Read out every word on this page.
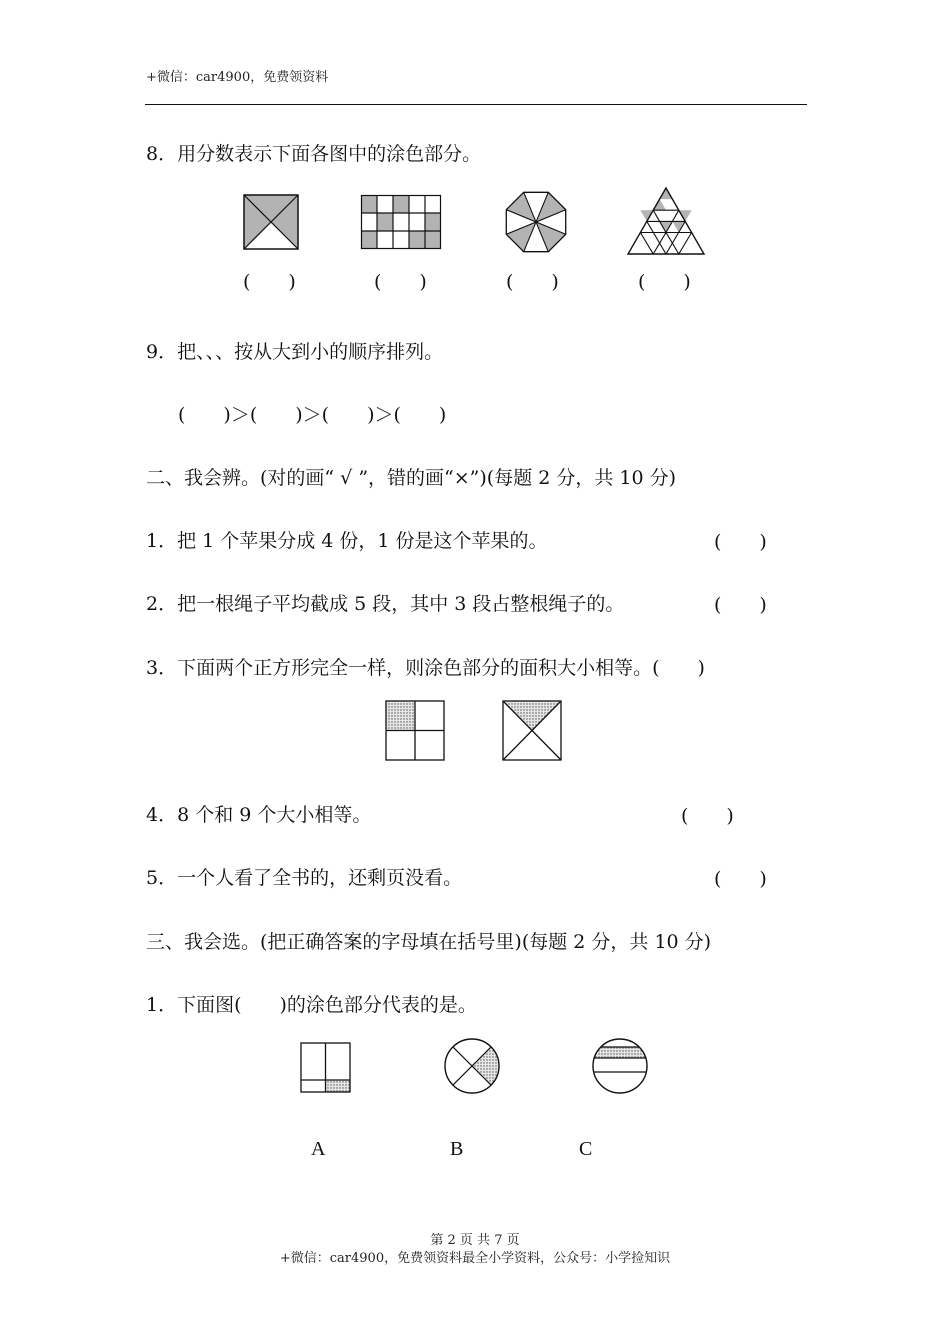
+微信：car4900，免费领资料
8．用分数表示下面各图中的涂色部分。
(　　)	(　　)	(　　)	(　　)
9．把、、、按从大到小的顺序排列。
(　　)＞(　　)＞(　　)＞(　　)
二、我会辨。(对的画“ √ ”，错的画“×”)(每题 2 分，共 10 分)
1．把 1 个苹果分成 4 份，1 份是这个苹果的。	(　　)
2．把一根绳子平均截成 5 段，其中 3 段占整根绳子的。	(　　)
3．下面两个正方形完全一样，则涂色部分的面积大小相等。(　　)
4．8 个和 9 个大小相等。	(　　)
5．一个人看了全书的，还剩页没看。	(　　)
三、我会选。(把正确答案的字母填在括号里)(每题 2 分，共 10 分)
1．下面图(　　)的涂色部分代表的是。
A	B	C
第 2 页 共 7 页
+微信：car4900，免费领资料最全小学资料，公众号：小学捡知识
